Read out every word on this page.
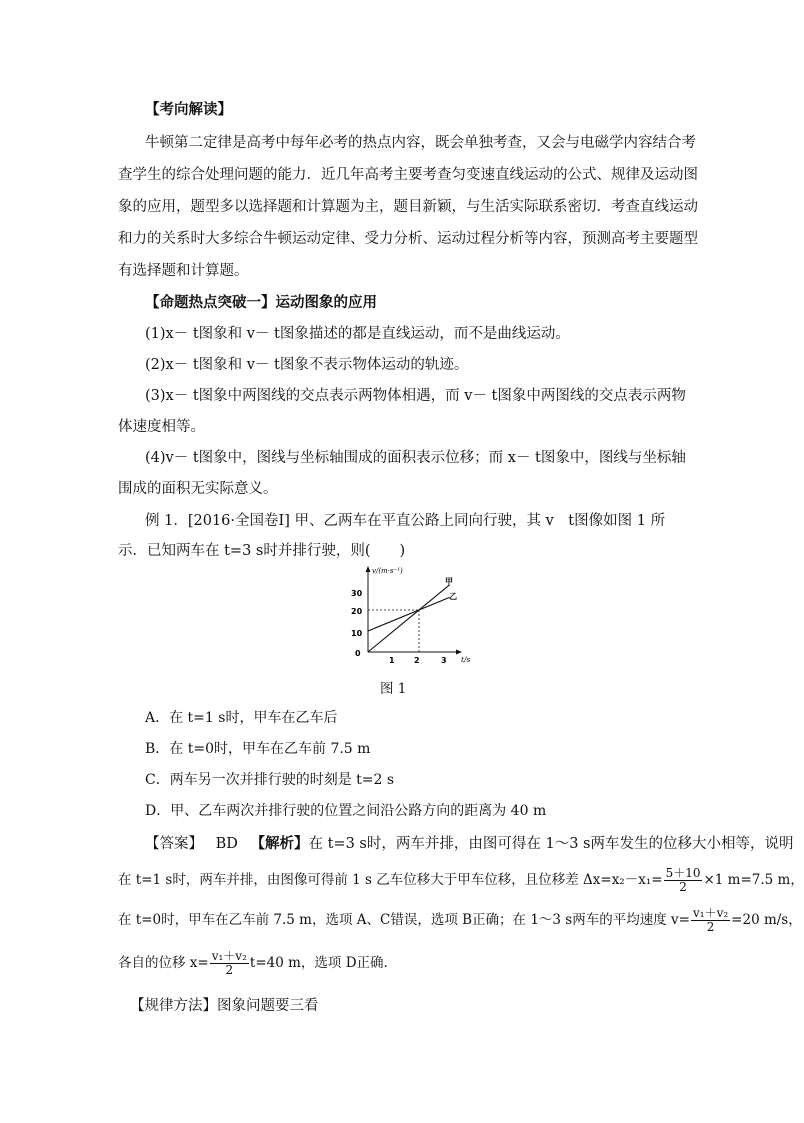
【考向解读】
牛顿第二定律是高考中每年必考的热点内容，既会单独考查，又会与电磁学内容结合考
查学生的综合处理问题的能力．近几年高考主要考查匀变速直线运动的公式、规律及运动图
象的应用，题型多以选择题和计算题为主，题目新颖，与生活实际联系密切．考查直线运动
和力的关系时大多综合牛顿运动定律、受力分析、运动过程分析等内容，预测高考主要题型
有选择题和计算题。
【命题热点突破一】运动图象的应用
(1)x－ t图象和 v－ t图象描述的都是直线运动，而不是曲线运动。
(2)x－ t图象和 v－ t图象不表示物体运动的轨迹。
(3)x－ t图象中两图线的交点表示两物体相遇，而 v－ t图象中两图线的交点表示两物
体速度相等。
(4)v－ t图象中，图线与坐标轴围成的面积表示位移；而 x－ t图象中，图线与坐标轴
围成的面积无实际意义。
例 1．[2016·全国卷Ⅰ] 甲、乙两车在平直公路上同向行驶，其 v　t图像如图 1 所
示．已知两车在 t=3 s时并排行驶，则(　　)
v/(m·s⁻¹)
t/s
30
20
10
0
1 2	3
甲
乙
图 1
A．在 t=1 s时，甲车在乙车后
B．在 t=0时，甲车在乙车前 7.5 m
C．两车另一次并排行驶的时刻是 t=2 s
D．甲、乙车两次并排行驶的位置之间沿公路方向的距离为 40 m
【答案】 BD 【解析】在 t=3 s时，两车并排，由图可得在 1～3 s两车发生的位移大小相等，说明
在 t=1 s时，两车并排，由图像可得前 1 s 乙车位移大于甲车位移，且位移差 $\Delta x=x_2-x_1= \frac{5+10}{2} \times 1$ m=7.5 m，
在 t=0时，甲车在乙车前 7.5 m，选项 A、C错误，选项 B正确；在 1～3 s两车的平均速度 $v= \frac{\text{v₁＋v₂}}{2} =20$ m/s，
各自的位移 $x= \frac{\text{v₁＋v₂}}{2} t=40$ m，选项 D正确．
【规律方法】图象问题要三看
